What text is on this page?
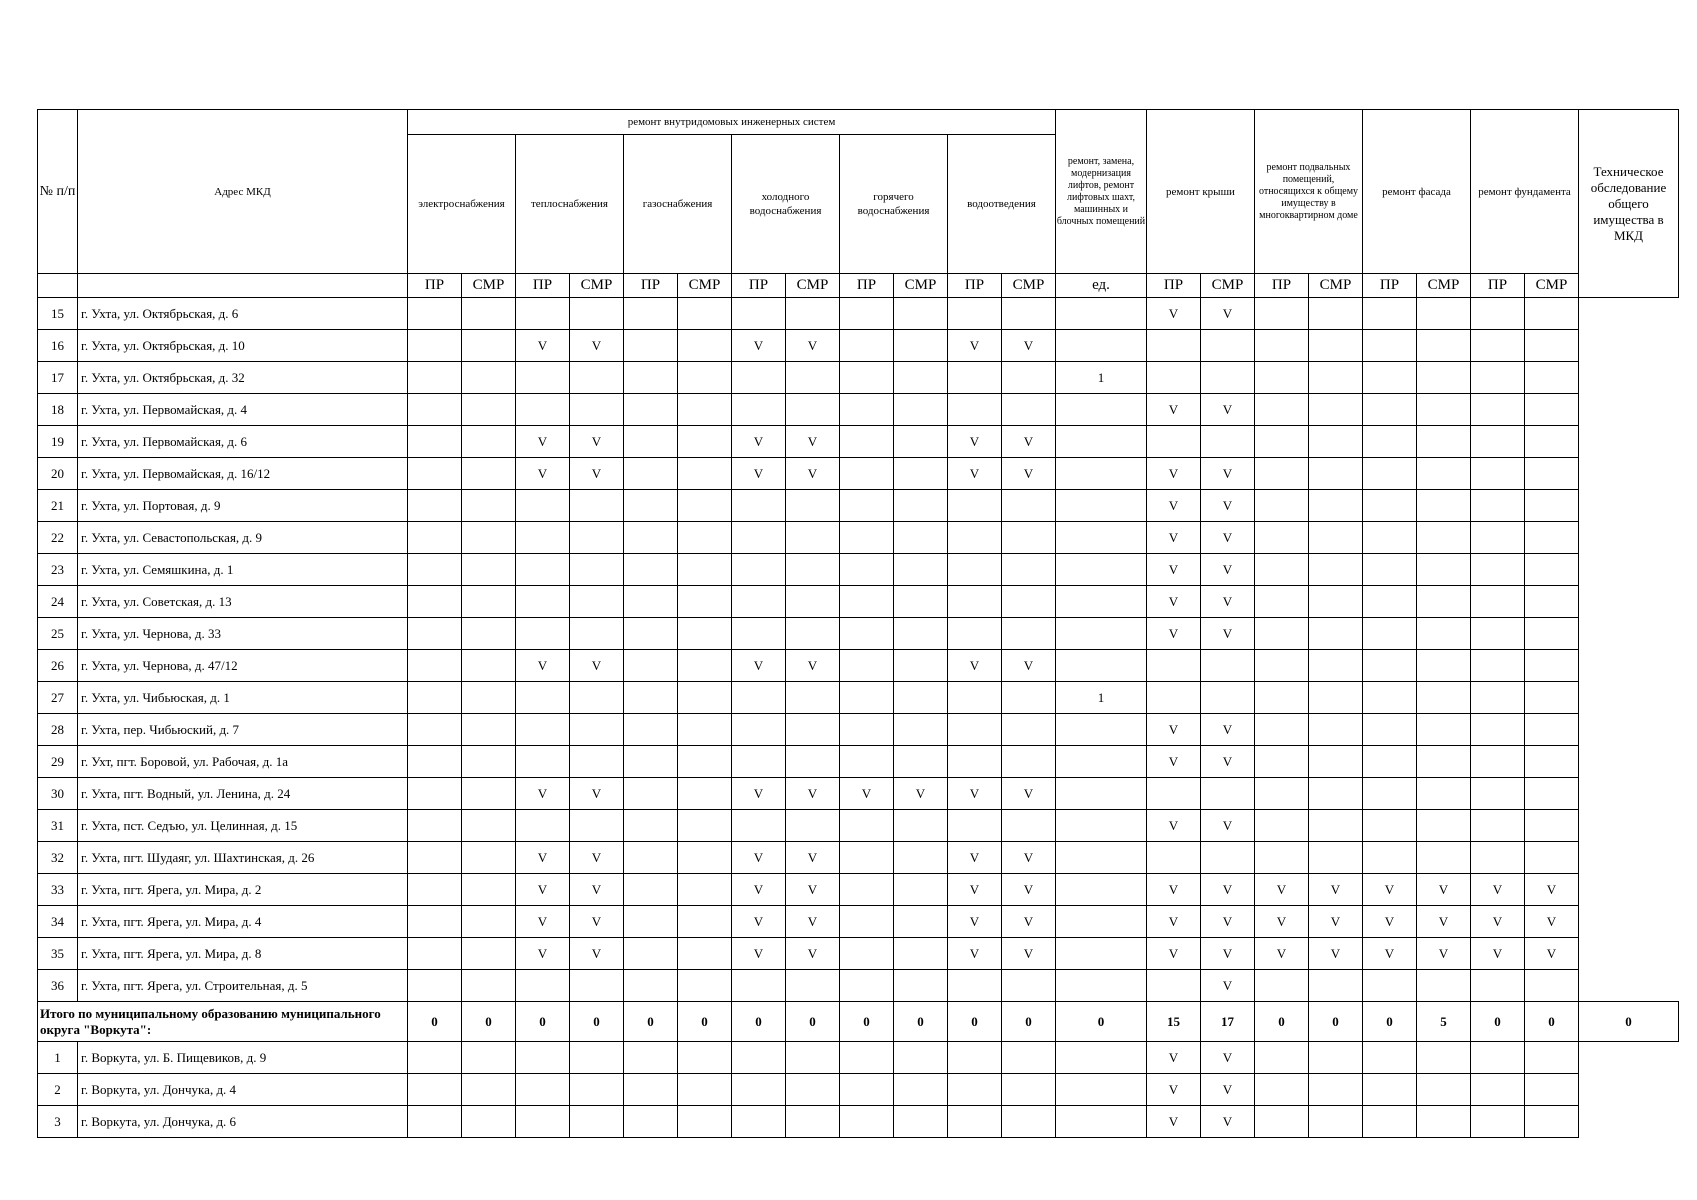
№ п/п	Адрес МКД	ремонт внутридомовых инженерных систем												ремонт, замена, модернизация лифтов, ремонт лифтовых шахт, машинных и блочных помещений	ремонт крыши		ремонт подвальных помещений, относящихся к общему имуществу в многоквартирном доме		ремонт фасада		ремонт фундамента		Техническое обследование общего имущества в МКД
		электроснабжения		теплоснабжения		газоснабжения		холодного водоснабжения		горячего водоснабжения		водоотведения											
		ПР	СМР	ПР	СМР	ПР	СМР	ПР	СМР	ПР	СМР	ПР	СМР	ед.	ПР	СМР	ПР	СМР	ПР	СМР	ПР	СМР	
15	г. Ухта, ул. Октябрьская, д. 6														V	V							
16	г. Ухта, ул. Октябрьская, д. 10			V	V			V	V			V	V										
17	г. Ухта, ул. Октябрьская, д. 32													1									
18	г. Ухта, ул. Первомайская, д. 4														V	V							
19	г. Ухта, ул. Первомайская, д. 6			V	V			V	V			V	V										
20	г. Ухта, ул. Первомайская, д. 16/12			V	V			V	V			V	V		V	V							
21	г. Ухта, ул. Портовая, д. 9														V	V							
22	г. Ухта, ул. Севастопольская, д. 9														V	V							
23	г. Ухта, ул. Семяшкина, д. 1														V	V							
24	г. Ухта, ул. Советская, д. 13														V	V							
25	г. Ухта, ул. Чернова, д. 33														V	V							
26	г. Ухта, ул. Чернова, д. 47/12			V	V			V	V			V	V										
27	г. Ухта, ул. Чибьюская, д. 1													1									
28	г. Ухта, пер. Чибьюский, д. 7														V	V							
29	г. Ухт, пгт. Боровой, ул. Рабочая, д. 1а														V	V							
30	г. Ухта, пгт. Водный, ул. Ленина, д. 24			V	V			V	V	V	V	V	V										
31	г. Ухта, пст. Седъю, ул. Целинная, д. 15														V	V							
32	г. Ухта, пгт. Шудаяг, ул. Шахтинская, д. 26			V	V			V	V			V	V										
33	г. Ухта, пгт. Ярега, ул. Мира, д. 2			V	V			V	V			V	V		V	V	V	V	V	V	V	V	
34	г. Ухта, пгт. Ярега, ул. Мира, д. 4			V	V			V	V			V	V		V	V	V	V	V	V	V	V	
35	г. Ухта, пгт. Ярега, ул. Мира, д. 8			V	V			V	V			V	V		V	V	V	V	V	V	V	V	
36	г. Ухта, пгт. Ярега, ул. Строительная, д. 5															V							
Итого по муниципальному образованию муниципального округа "Воркута":		0	0	0	0	0	0	0	0	0	0	0	0	0	15	17	0	0	0	5	0	0	0
1	г. Воркута, ул. Б. Пищевиков, д. 9														V	V							
2	г. Воркута, ул. Дончука, д. 4														V	V							
3	г. Воркута, ул. Дончука, д. 6														V	V							
